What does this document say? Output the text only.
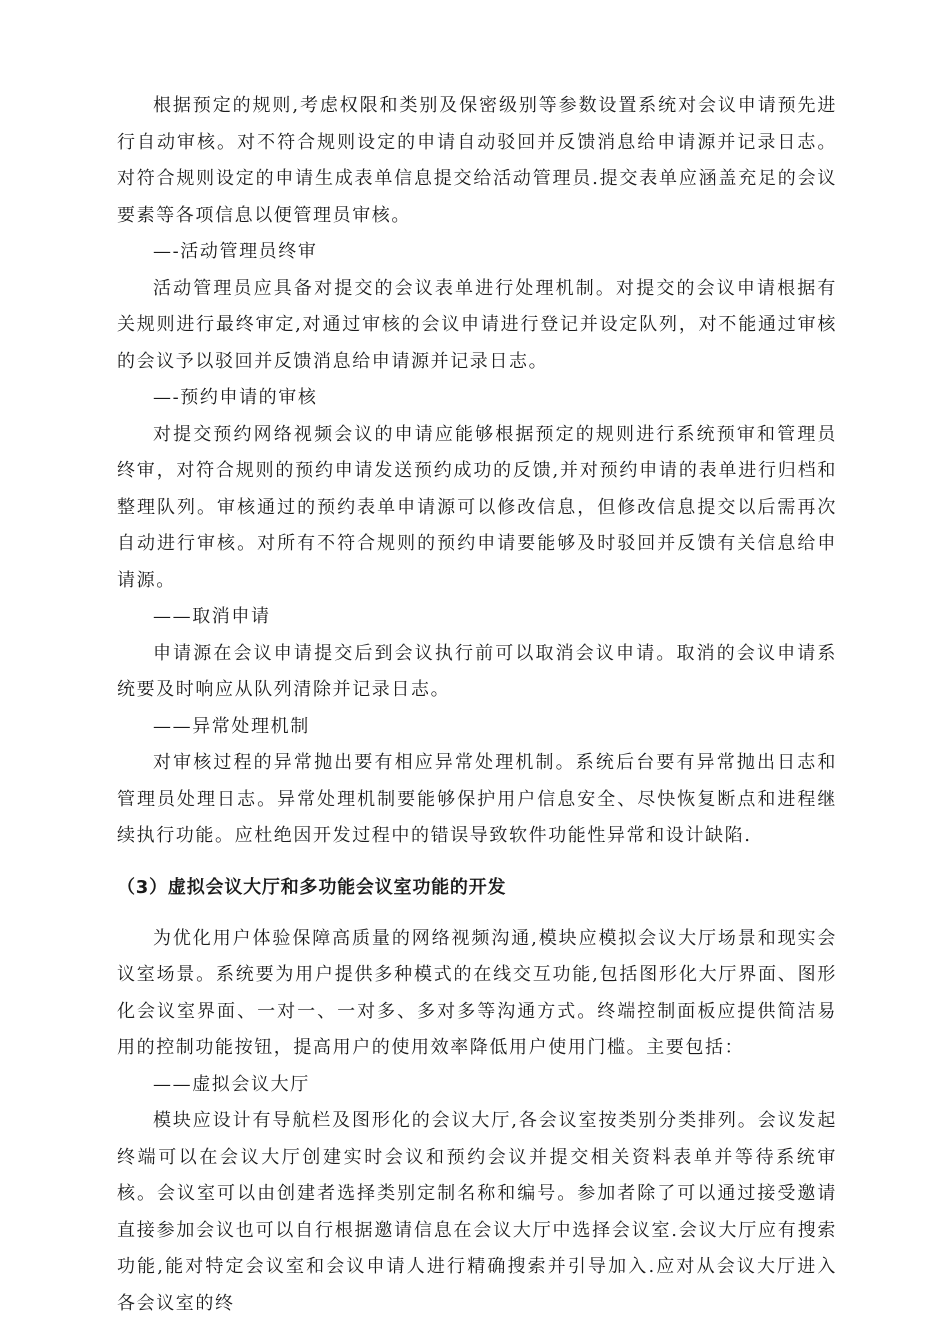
根据预定的规则,考虑权限和类别及保密级别等参数设置系统对会议申请预先进行自动审核。对不符合规则设定的申请自动驳回并反馈消息给申请源并记录日志。对符合规则设定的申请生成表单信息提交给活动管理员.提交表单应涵盖充足的会议要素等各项信息以便管理员审核。

—-活动管理员终审

活动管理员应具备对提交的会议表单进行处理机制。对提交的会议申请根据有关规则进行最终审定,对通过审核的会议申请进行登记并设定队列，对不能通过审核的会议予以驳回并反馈消息给申请源并记录日志。

—-预约申请的审核

对提交预约网络视频会议的申请应能够根据预定的规则进行系统预审和管理员终审，对符合规则的预约申请发送预约成功的反馈,并对预约申请的表单进行归档和整理队列。审核通过的预约表单申请源可以修改信息，但修改信息提交以后需再次自动进行审核。对所有不符合规则的预约申请要能够及时驳回并反馈有关信息给申请源。

——取消申请

申请源在会议申请提交后到会议执行前可以取消会议申请。取消的会议申请系统要及时响应从队列清除并记录日志。

——异常处理机制

对审核过程的异常抛出要有相应异常处理机制。系统后台要有异常抛出日志和管理员处理日志。异常处理机制要能够保护用户信息安全、尽快恢复断点和进程继续执行功能。应杜绝因开发过程中的错误导致软件功能性异常和设计缺陷.

（3）虚拟会议大厅和多功能会议室功能的开发

为优化用户体验保障高质量的网络视频沟通,模块应模拟会议大厅场景和现实会议室场景。系统要为用户提供多种模式的在线交互功能,包括图形化大厅界面、图形化会议室界面、一对一、一对多、多对多等沟通方式。终端控制面板应提供简洁易用的控制功能按钮，提高用户的使用效率降低用户使用门槛。主要包括：

——虚拟会议大厅

模块应设计有导航栏及图形化的会议大厅,各会议室按类别分类排列。会议发起终端可以在会议大厅创建实时会议和预约会议并提交相关资料表单并等待系统审核。会议室可以由创建者选择类别定制名称和编号。参加者除了可以通过接受邀请直接参加会议也可以自行根据邀请信息在会议大厅中选择会议室.会议大厅应有搜索功能,能对特定会议室和会议申请人进行精确搜索并引导加入.应对从会议大厅进入各会议室的终
